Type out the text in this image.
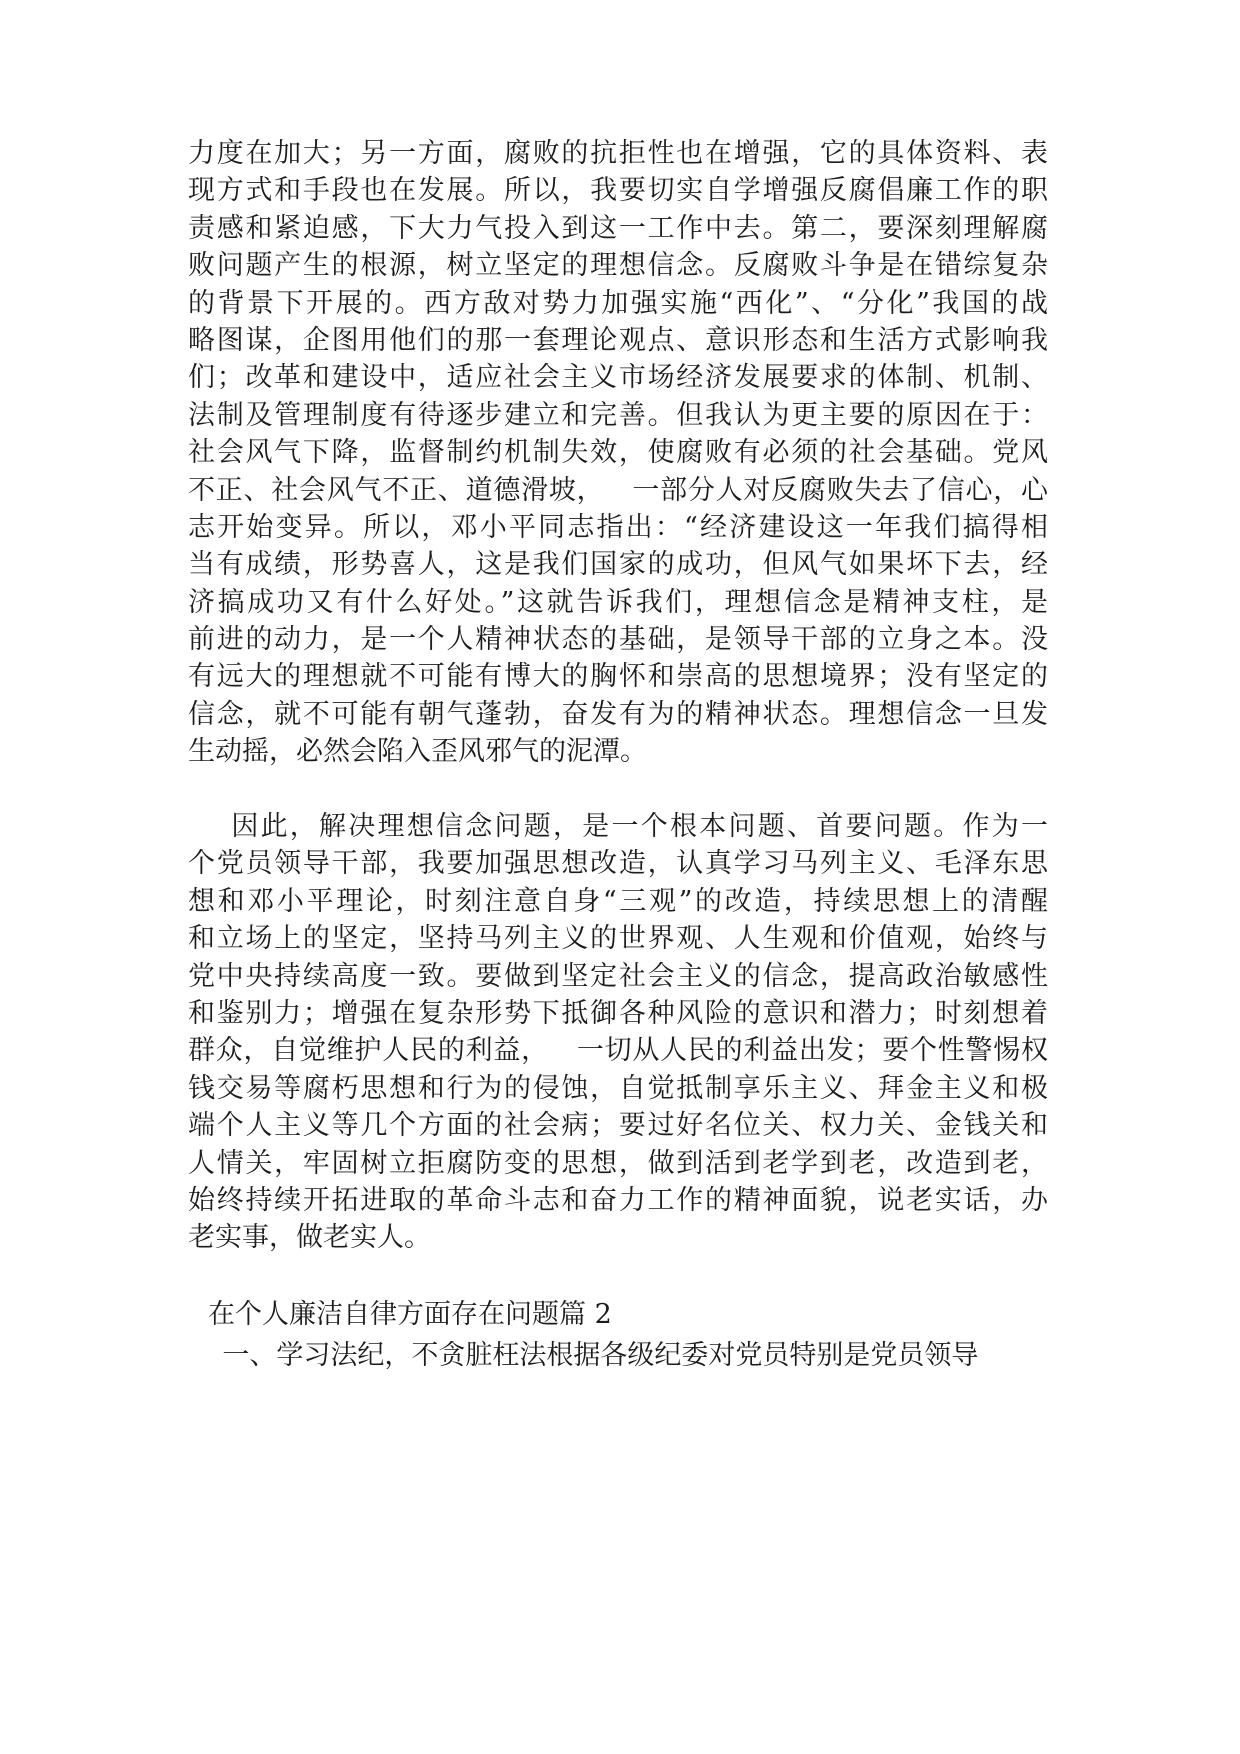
力度在加大；另一方面，腐败的抗拒性也在增强，它的具体资料、表
现方式和手段也在发展。所以，我要切实自学增强反腐倡廉工作的职
责感和紧迫感，下大力气投入到这一工作中去。第二，要深刻理解腐
败问题产生的根源，树立坚定的理想信念。反腐败斗争是在错综复杂
的背景下开展的。西方敌对势力加强实施“西化”、“分化”我国的战
略图谋，企图用他们的那一套理论观点、意识形态和生活方式影响我
们；改革和建设中，适应社会主义市场经济发展要求的体制、机制、
法制及管理制度有待逐步建立和完善。但我认为更主要的原因在于：
社会风气下降，监督制约机制失效，使腐败有必须的社会基础。党风
不正、社会风气不正、道德滑坡，   一部分人对反腐败失去了信心，心
志开始变异。所以，邓小平同志指出：“经济建设这一年我们搞得相
当有成绩，形势喜人，这是我们国家的成功，但风气如果坏下去，经
济搞成功又有什么好处。”这就告诉我们，理想信念是精神支柱，是
前进的动力，是一个人精神状态的基础，是领导干部的立身之本。没
有远大的理想就不可能有博大的胸怀和崇高的思想境界；没有坚定的
信念，就不可能有朝气蓬勃，奋发有为的精神状态。理想信念一旦发
生动摇，必然会陷入歪风邪气的泥潭。
因此，解决理想信念问题，是一个根本问题、首要问题。作为一
个党员领导干部，我要加强思想改造，认真学习马列主义、毛泽东思
想和邓小平理论，时刻注意自身“三观”的改造，持续思想上的清醒
和立场上的坚定，坚持马列主义的世界观、人生观和价值观，始终与
党中央持续高度一致。要做到坚定社会主义的信念，提高政治敏感性
和鉴别力；增强在复杂形势下抵御各种风险的意识和潜力；时刻想着
群众，自觉维护人民的利益，   一切从人民的利益出发；要个性警惕权
钱交易等腐朽思想和行为的侵蚀，自觉抵制享乐主义、拜金主义和极
端个人主义等几个方面的社会病；要过好名位关、权力关、金钱关和
人情关，牢固树立拒腐防变的思想，做到活到老学到老，改造到老，
始终持续开拓进取的革命斗志和奋力工作的精神面貌，说老实话，办
老实事，做老实人。
在个人廉洁自律方面存在问题篇 2
一、学习法纪，不贪脏枉法根据各级纪委对党员特别是党员领导
